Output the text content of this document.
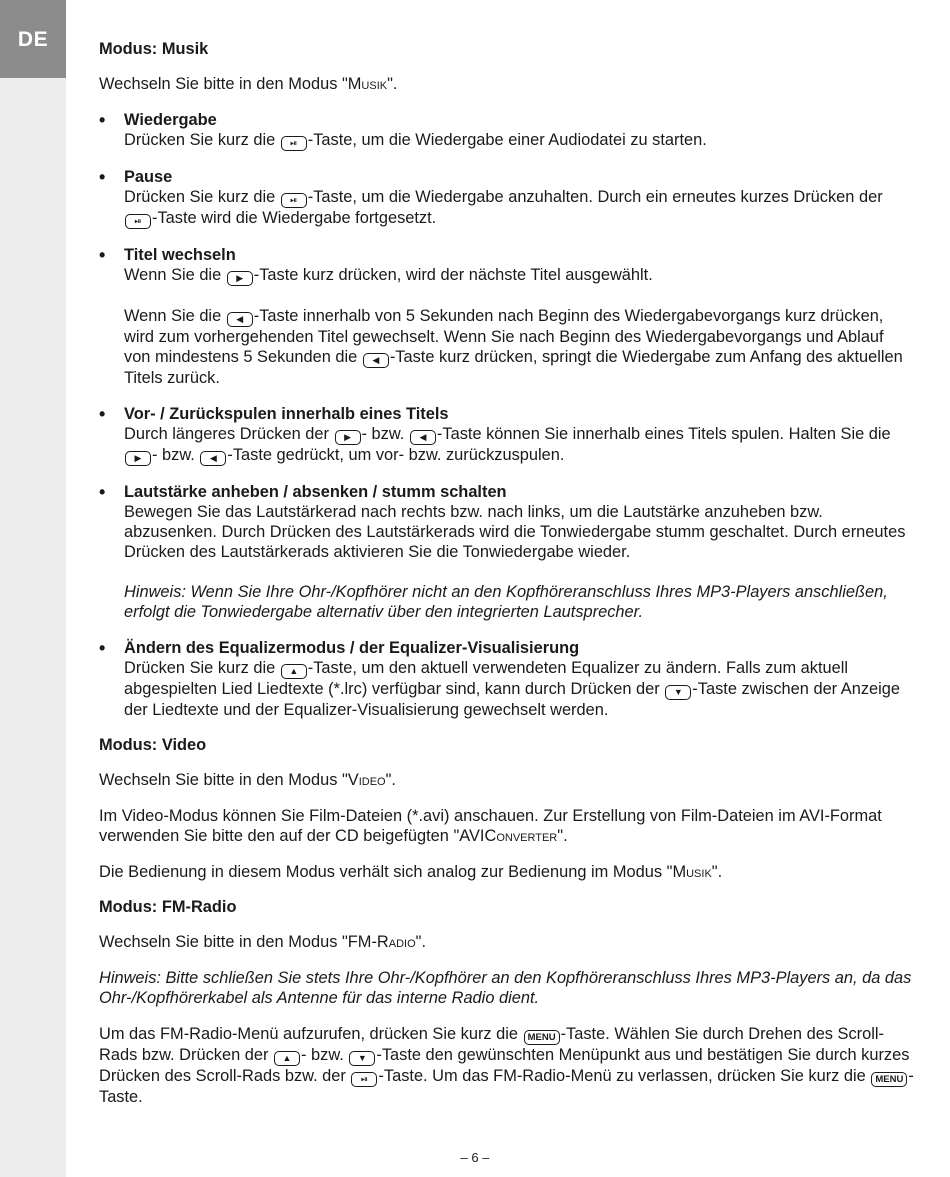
DE	Modus: Musik

Wechseln Sie bitte in den Modus "Musik".

• Wiedergabe
Drücken Sie kurz die ⏯ -Taste, um die Wiedergabe einer Audiodatei zu starten.
• Pause
Drücken Sie kurz die ⏯ -Taste, um die Wiedergabe anzuhalten. Durch ein erneutes kurzes Drücken der ⏯ -Taste wird die Wiedergabe fortgesetzt.
• Titel wechseln
Wenn Sie die ▶ -Taste kurz drücken, wird der nächste Titel ausgewählt.

Wenn Sie die ◀ -Taste innerhalb von 5 Sekunden nach Beginn des Wiedergabevorgangs kurz drücken, wird zum vorhergehenden Titel gewechselt. Wenn Sie nach Beginn des Wiedergabevorgangs und Ablauf von mindestens 5 Sekunden die ◀ -Taste kurz drücken, springt die Wiedergabe zum Anfang des aktuellen Titels zurück.

• Vor- / Zurückspulen innerhalb eines Titels
Durch längeres Drücken der ▶ - bzw. ◀ -Taste können Sie innerhalb eines Titels spulen. Halten Sie die ▶ - bzw. ◀ -Taste gedrückt, um vor- bzw. zurückzuspulen.
• Lautstärke anheben / absenken / stumm schalten
Bewegen Sie das Lautstärkerad nach rechts bzw. nach links, um die Lautstärke anzuheben bzw. abzusenken. Durch Drücken des Lautstärkerads wird die Tonwiedergabe stumm geschaltet. Durch erneutes Drücken des Lautstärkerads aktivieren Sie die Tonwiedergabe wieder.

Hinweis: Wenn Sie Ihre Ohr-/Kopfhörer nicht an den Kopfhöreranschluss Ihres MP3-Players anschließen, erfolgt die Tonwiedergabe alternativ über den integrierten Lautsprecher.

• Ändern des Equalizermodus / der Equalizer-Visualisierung
Drücken Sie kurz die ▲ -Taste, um den aktuell verwendeten Equalizer zu ändern. Falls zum aktuell abgespielten Lied Liedtexte (*.lrc) verfügbar sind, kann durch Drücken der ▼ -Taste zwischen der Anzeige der Liedtexte und der Equalizer-Visualisierung gewechselt werden.
Modus: Video

Wechseln Sie bitte in den Modus "Video".

Im Video-Modus können Sie Film-Dateien (*.avi) anschauen. Zur Erstellung von Film-Dateien im AVI-Format verwenden Sie bitte den auf der CD beigefügten "AVIConverter".

Die Bedienung in diesem Modus verhält sich analog zur Bedienung im Modus "Musik".

Modus: FM-Radio

Wechseln Sie bitte in den Modus "FM-Radio".

Hinweis: Bitte schließen Sie stets Ihre Ohr-/Kopfhörer an den Kopfhöreranschluss Ihres MP3-Players an, da das Ohr-/Kopfhörerkabel als Antenne für das interne Radio dient.

Um das FM-Radio-Menü aufzurufen, drücken Sie kurz die MENU -Taste. Wählen Sie durch Drehen des Scroll-Rads bzw. Drücken der ▲ - bzw. ▼ -Taste den gewünschten Menüpunkt aus und bestätigen Sie durch kurzes Drücken des Scroll-Rads bzw. der ⏯ -Taste. Um das FM-Radio-Menü zu verlassen, drücken Sie kurz die MENU -Taste.

– 6 –
